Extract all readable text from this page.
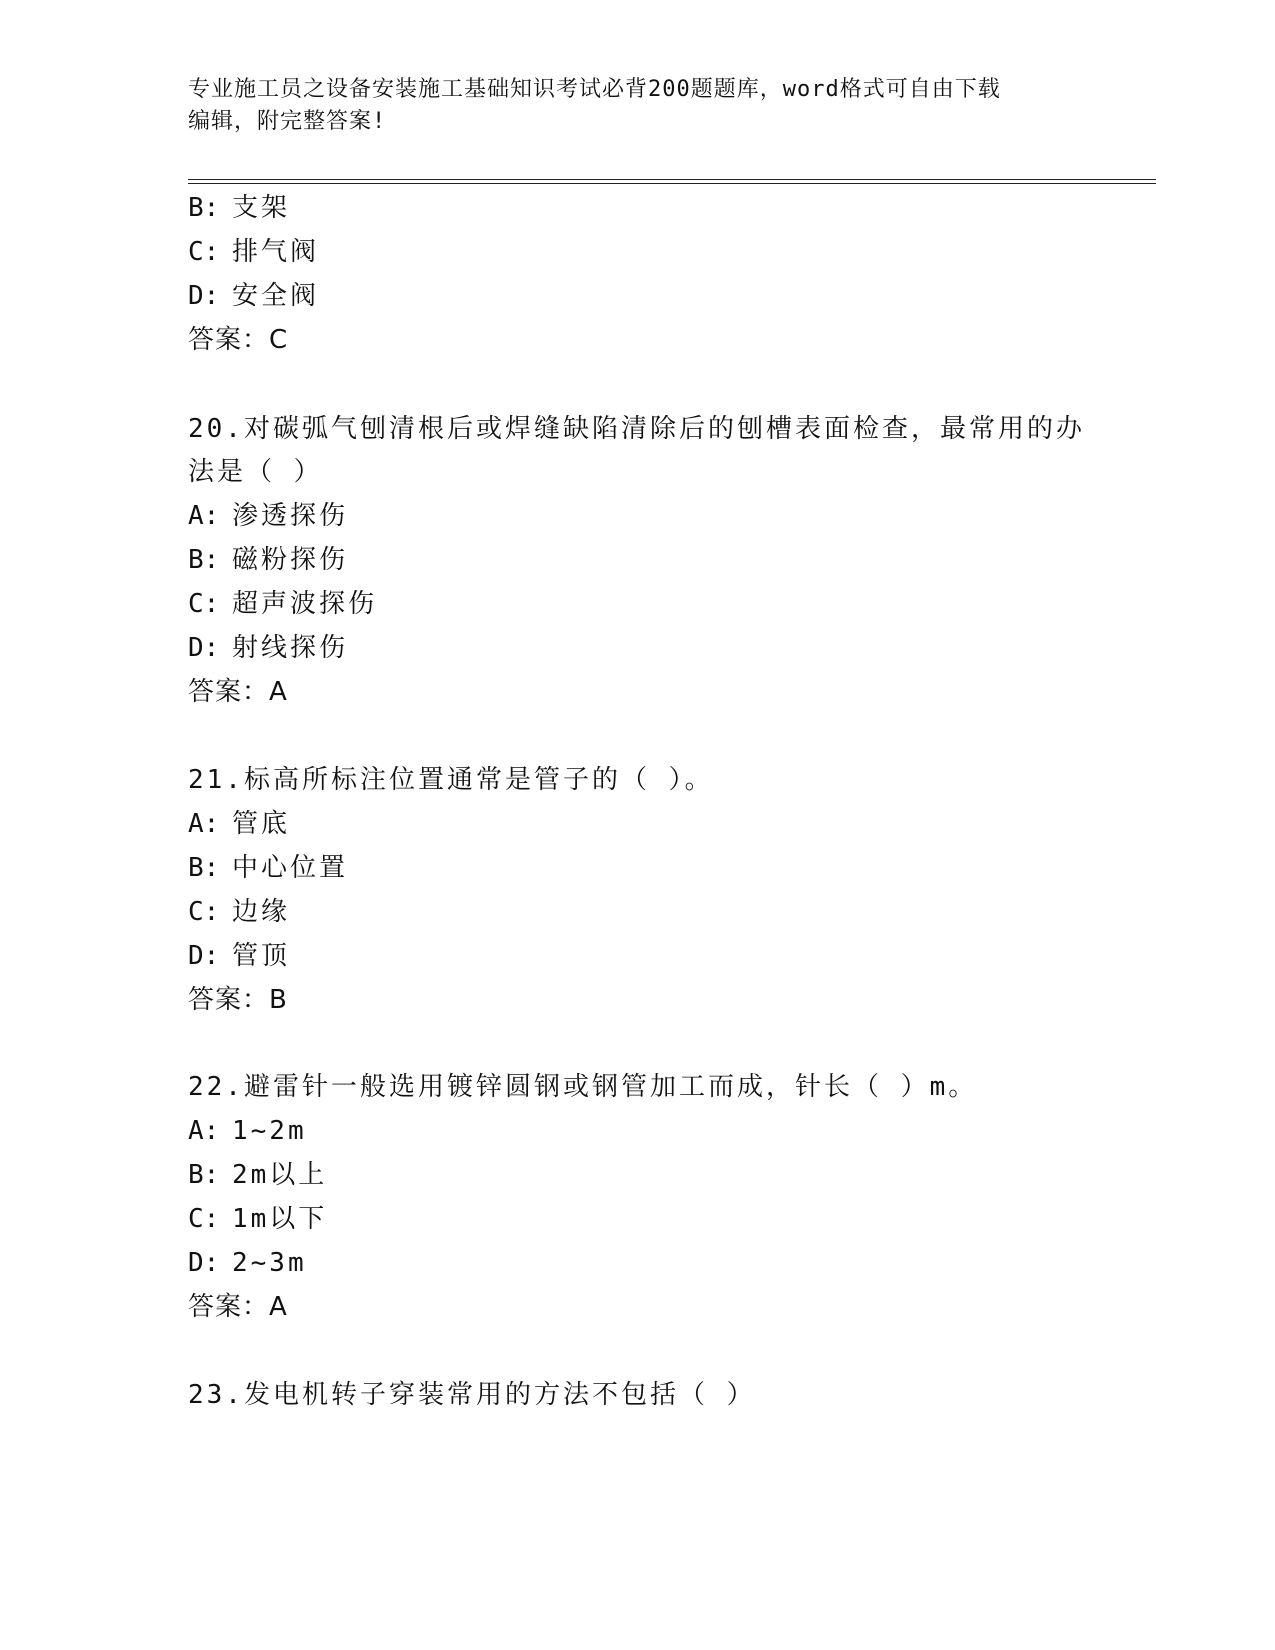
专业施工员之设备安装施工基础知识考试必背200题题库，word格式可自由下载
编辑，附完整答案!
B: 支架
C: 排气阀
D: 安全阀
答案：C
20.对碳弧气刨清根后或焊缝缺陷清除后的刨槽表面检查，最常用的办
法是（ ）
A: 渗透探伤
B: 磁粉探伤
C: 超声波探伤
D: 射线探伤
答案：A
21.标高所标注位置通常是管子的（ ）。
A: 管底
B: 中心位置
C: 边缘
D: 管顶
答案：B
22.避雷针一般选用镀锌圆钢或钢管加工而成，针长（ ）m。
A: 1~2m
B: 2m以上
C: 1m以下
D: 2~3m
答案：A
23.发电机转子穿装常用的方法不包括（ ）
